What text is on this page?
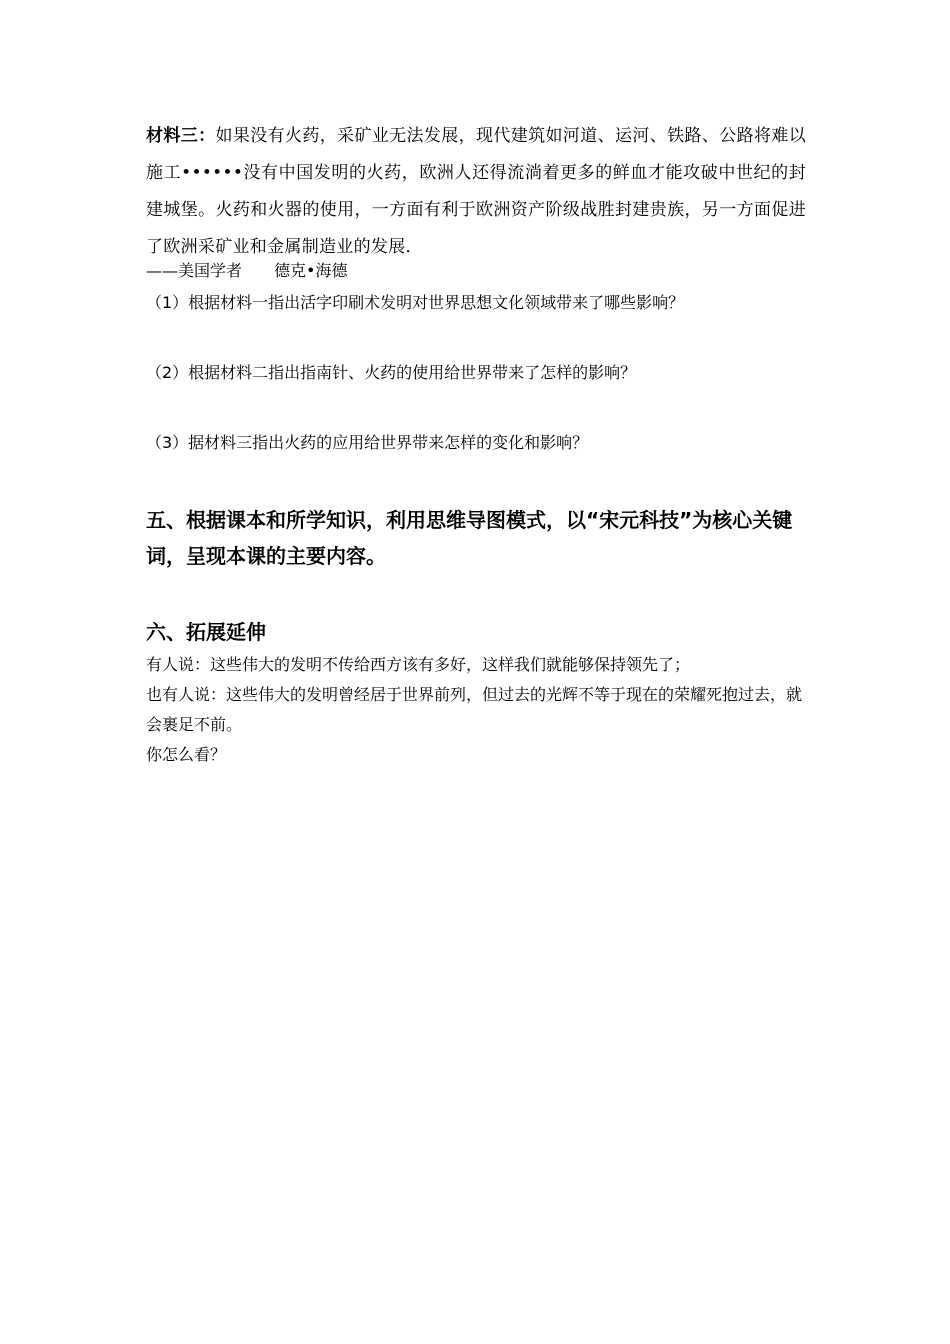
材料三：如果没有火药，采矿业无法发展，现代建筑如河道、运河、铁路、公路将难以施工••••••没有中国发明的火药，欧洲人还得流淌着更多的鲜血才能攻破中世纪的封建城堡。火药和火器的使用，一方面有利于欧洲资产阶级战胜封建贵族，另一方面促进了欧洲采矿业和金属制造业的发展．
——美国学者　　德克•海德

（1）根据材料一指出活字印刷术发明对世界思想文化领域带来了哪些影响？

（2）根据材料二指出指南针、火药的使用给世界带来了怎样的影响？

（3）据材料三指出火药的应用给世界带来怎样的变化和影响？

五、根据课本和所学知识，利用思维导图模式，以“宋元科技”为核心关键词，呈现本课的主要内容。

六、拓展延伸

有人说：这些伟大的发明不传给西方该有多好，这样我们就能够保持领先了；

也有人说：这些伟大的发明曾经居于世界前列，但过去的光辉不等于现在的荣耀死抱过去，就会裹足不前。

你怎么看？
